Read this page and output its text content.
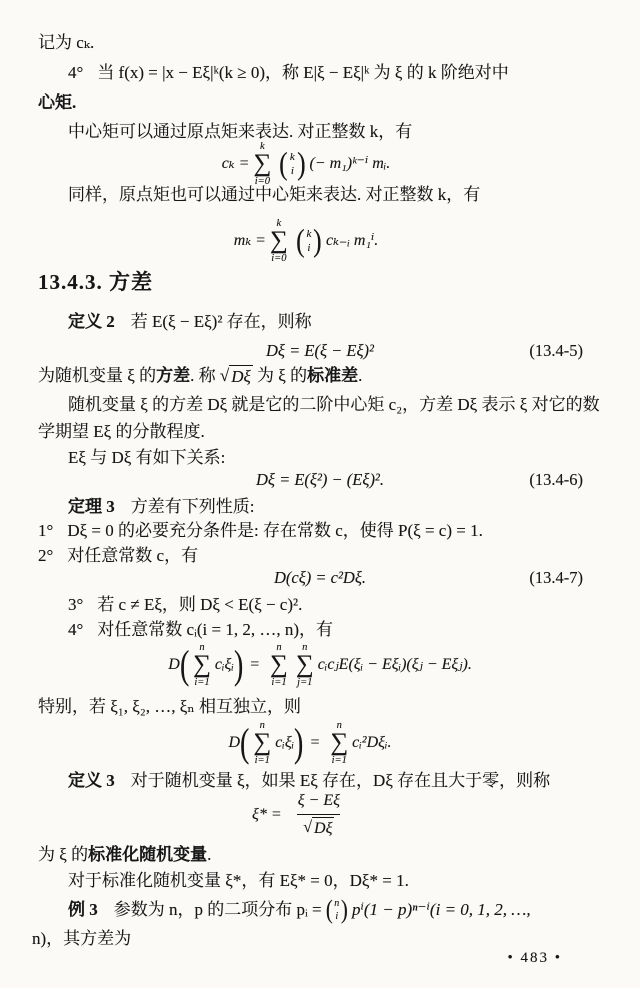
记为 cₖ.
4° 当 f(x) = |x − Eξ|ᵏ(k ≥ 0)，称 E|ξ − Eξ|ᵏ 为 ξ 的 k 阶绝对中
心矩.
中心矩可以通过原点矩来表达. 对正整数 k，有
cₖ =
k
∑
i=0
( k
i ) (− m₁)ᵏ⁻ⁱ mᵢ.
同样，原点矩也可以通过中心矩来表达. 对正整数 k，有
mₖ =
k
∑
i=0
( k
i ) cₖ₋ᵢ m₁ⁱ.
13.4.3. 方差
定义 2 若 E(ξ − Eξ)² 存在，则称
Dξ = E(ξ − Eξ)²	(13.4-5)
为随机变量 ξ 的方差. 称 √ Dξ 为 ξ 的标准差.
随机变量 ξ 的方差 Dξ 就是它的二阶中心矩 c₂，方差 Dξ 表示 ξ 对它的数
学期望 Eξ 的分散程度.
Eξ 与 Dξ 有如下关系:
Dξ = E(ξ²) − (Eξ)².	(13.4-6)
定理 3 方差有下列性质:
1° Dξ = 0 的必要充分条件是: 存在常数 c，使得 P(ξ = c) = 1.
2° 对任意常数 c，有
D(cξ) = c²Dξ.	(13.4-7)
3° 若 c ≠ Eξ，则 Dξ < E(ξ − c)².
4° 对任意常数 cᵢ(i = 1, 2, …, n)，有
D ( n
∑
i=1
cᵢξᵢ ) =
n
∑
i=1
n
∑
j=1
cᵢcⱼE(ξᵢ − Eξᵢ)(ξⱼ − Eξⱼ).
特别，若 ξ₁, ξ₂, …, ξₙ 相互独立，则
D ( n
∑
i=1
cᵢξᵢ ) =
n
∑
i=1
cᵢ²Dξᵢ.
定义 3 对于随机变量 ξ，如果 Eξ 存在，Dξ 存在且大于零，则称
$\xi* = \frac{\xi - E\xi}{√ D\xi}$
为 ξ 的标准化随机变量.
对于标准化随机变量 ξ*，有 Eξ* = 0，Dξ* = 1.
例 3 参数为 n，p 的二项分布 pᵢ = ( n
i ) pⁱ(1 − p)ⁿ⁻ⁱ(i = 0, 1, 2, …,
n)，其方差为
• 483 •
